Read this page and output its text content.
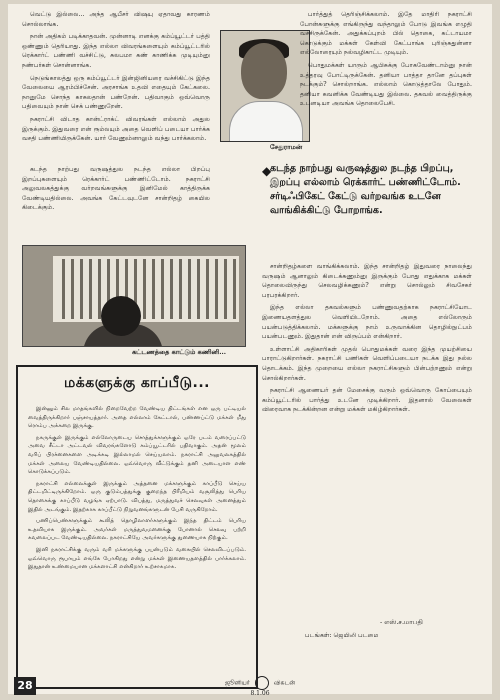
வெட்டு இல்லை... அந்த ஆபீசர் விஷயு ஏதாவது காரணம் சொல்லாங்க.

நான் அதிகம் படிக்காதவன். முன்னாடி எனக்கு கம்ப்யூட்டர் பத்தி ஒண்ணும் தெரியாது. இந்த எல்லா விவரங்களையும் கம்ப்யூட்டரில் ரெக்கார்ட் பண்ணி வச்சிட்டு, சுலபமா கண் காணிக்க முடியும்னு நண்பர்கள் சொன்னாங்க.

நெடுங்காலத்து ஒரு கம்ப்யூட்டர் இன்ஜினியரை வச்சிகிட்டு இந்த வேலையை ஆரம்பிச்சேன். அரசாங்க உதவி எதையும் கேட்கலை. நானுமே சொந்த காசுலதான் பண்றேன். பதிவாகும் ஒவ்வொரு பதிவையும் நான் செக் பண்ணுறேன்.

நகராட்சி விடாத கான்ட்ராக்ட் விவரங்கள் எல்லாம் அதுல இருக்கும். இதுவரை என் ரூம்லயும் அதை வெளிப் படையா பார்க்க வசதி பண்ணியிருக்கேன். யார் வேணும்னாலும் வந்து பார்க்கலாம்.

சேதுராமன்

பார்த்துத் தெரிஞ்சிக்கலாம். இதே மாதிரி நகராட்சி போன்களுக்கு எங்கிருந்து வந்தாலும் போடு இவங்க எழுதி வச்சிருக்கேன். அதுக்கப்புறம் பில் தொகை, கட்டாயமா கொடுக்கும் மக்கள் கேள்வி கேட்பாங்க புரிஞ்சுதுன்னா எல்லோரையும் நல்வழிகாட்ட முடியும்.

பொதுமக்கள் யாரும் ஆபிசுக்கு போகவேண்டாம்னு நான் உத்தரவு போட்டிருக்கேன். தனியா பாத்தா தானே தப்புகள் நடக்கும்? சொல்றாங்க. எல்லாம் கொடுத்தாலே போதும். தனியா கவனிக்க வேண்டியது இல்லை. தகவல் வைத்திருக்கு உடனடியா அவங்க தொலைபேசி.

◆
கடந்த நாற்பது வருஷத்துல நடந்த பிறப்பு, இறப்பு எல்லாம் ரெக்கார்ட் பண்ணிட்டோம். சர்டிஃபிகேட் கேட்டு வர்றவங்க உடனே வாங்கிக்கிட்டு போறாங்க.

கடந்த நாற்பது வருஷத்துல நடந்த எல்லா பிறப்பு இறப்புகளையும் ரெக்கார்ட் பண்ணிட்டோம். நகராட்சி அலுவலகத்துக்கு வர்றவங்களுக்கு இனிமேல் காத்திருக்க வேண்டியதில்லை. அவங்க கேட்டவுடனே சான்றிதழ் கையில கிடைக்கும்.

கட்டணத்தை காட்டும் கணினி...

சான்றிதழ்களை வாங்கிக்கலாம். இந்த சான்றிதழ் இதுவரை நாலைந்து வருஷம் ஆனாலும் கிடைக்கணும்னு இருக்கும் போது எதுக்காக மக்கள் தொலைவிருந்து செலவழிக்கணும்? என்று சொல்லும் சிவசேகர் பரபரக்கிறார்.

இந்த எல்லா தகவல்களும் பண்ணுவதற்காக நகராட்சியோட இணையதளத்துல வெளியிடறோம். அதை எல்லோரும் பயன்படுத்திக்கலாம். மக்களுக்கு நாம் உருவாக்கின தொழில்நுட்பம் பயன்படணும். இதுதான் என் விருப்பம் என்கிறார்.

உள்ளாட்சி அதிகாரிகள் முதல் பொதுமக்கள் வரை இந்த முயற்சியை பாராட்டுகிறார்கள். நகராட்சி பணிகள் வெளிப்படையா நடக்க இது நல்ல தொடக்கம். இந்த முறையை எல்லா நகராட்சிகளும் பின்பற்றணும் என்று சொல்கிறார்கள்.

நகராட்சி ஆணையர் தன் மேசைக்கு வரும் ஒவ்வொரு கோப்பையும் கம்ப்யூட்டரில் பார்த்து உடனே முடிக்கிறார். இதனால் வேலைகள் விரைவாக நடக்கின்றன என்று மக்கள் மகிழ்கிறார்கள்.

மக்களுக்கு காப்பீடு...

இன்னும் சில மாதங்களில் நிறைவேற்ற வேண்டிய திட்டங்கள் என ஒரு பட்டியல் வைத்திருக்கிறார் பஞ்சாயத்தார். அதை எல்லாம் கேட்டால், பண்ணப்ட்டு மக்கள் மீது ரொம்ப அக்கறை இருக்கு.

நகருக்குள் இருக்கும் எல்லோருடைய சொத்துக்களுக்கும் ஒரே படம் வரைப்பட்டு அவை சீட்டா அட்டவல் விவரங்களோடு கம்ப்யூட்டரில் பதிவாகும். அதன் மூலம் வரிப் பிரச்னைகளை அடிக்கடி இல்லாமல் செய்யலாம். நகராட்சி அலுவலகத்தில் மக்கள் அலைய வேண்டியதில்லை. ஒவ்வொரு வீட்டுக்கும் தனி அடையாள எண் கொடுக்கப்படும்.

நகராட்சி எல்லைக்குள் இருக்கும் அத்தனை மக்களுக்கும் காப்பீடு செய்ய திட்டமிட்டிருக்கிறோம். ஒரு குடும்பத்துக்கு குறைந்த பிரீமியம் வசூலித்து பெரிய தொகைக்கு காப்பீடு வழங்க ஏற்பாடு. விபத்து, மருத்துவச் செலவுகள் அனைத்தும் இதில் அடங்கும். இதற்காக காப்பீட்டு நிறுவனங்களுடன் பேசி வருகிறோம்.

பணிப்பெண்களுக்கும் கூலித் தொழிலாளர்களுக்கும் இந்த திட்டம் பெரிய உதவியாக இருக்கும். அவர்கள் மருத்துவமனைக்கு போனால் செலவு பற்றி கவலைப்பட வேண்டியதில்லை. நகராட்சியே அவர்களுக்கு துணையாக நிற்கும்.

இனி நகராட்சிக்கு வரும் வரி மக்களுக்கு பயன்படும் வகையில் செலவிடப்படும். ஒவ்வொரு ரூபாயும் எங்கே போகிறது என்று மக்கள் இணையதளத்தில் பார்க்கலாம். இதுதான் உண்மையான மக்களாட்சி என்கிறார் உற்சாகமாக.

- எஸ்.ச.மாபதி
படங்கள்: ஜெயிலி படமை
28	ஜூனியர்	விகடன்
8.1.06
